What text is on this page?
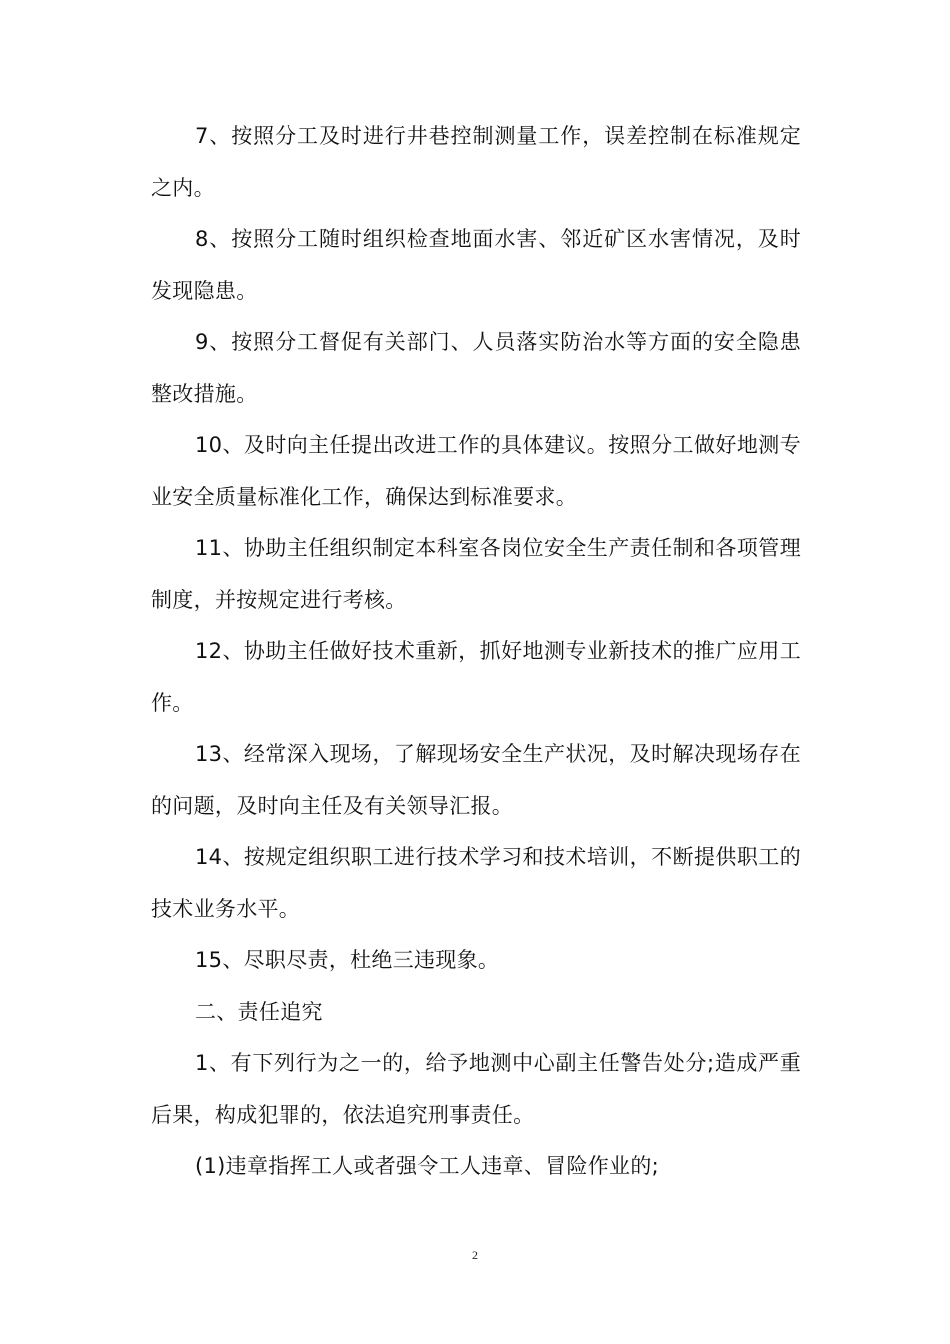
7、按照分工及时进行井巷控制测量工作，误差控制在标准规定之内。

8、按照分工随时组织检查地面水害、邻近矿区水害情况，及时发现隐患。

9、按照分工督促有关部门、人员落实防治水等方面的安全隐患整改措施。

10、及时向主任提出改进工作的具体建议。按照分工做好地测专业安全质量标准化工作，确保达到标准要求。

11、协助主任组织制定本科室各岗位安全生产责任制和各项管理制度，并按规定进行考核。

12、协助主任做好技术重新，抓好地测专业新技术的推广应用工作。

13、经常深入现场，了解现场安全生产状况，及时解决现场存在的问题，及时向主任及有关领导汇报。

14、按规定组织职工进行技术学习和技术培训，不断提供职工的技术业务水平。

15、尽职尽责，杜绝三违现象。

二、责任追究

1、有下列行为之一的，给予地测中心副主任警告处分;造成严重后果，构成犯罪的，依法追究刑事责任。

(1)违章指挥工人或者强令工人违章、冒险作业的;

2
